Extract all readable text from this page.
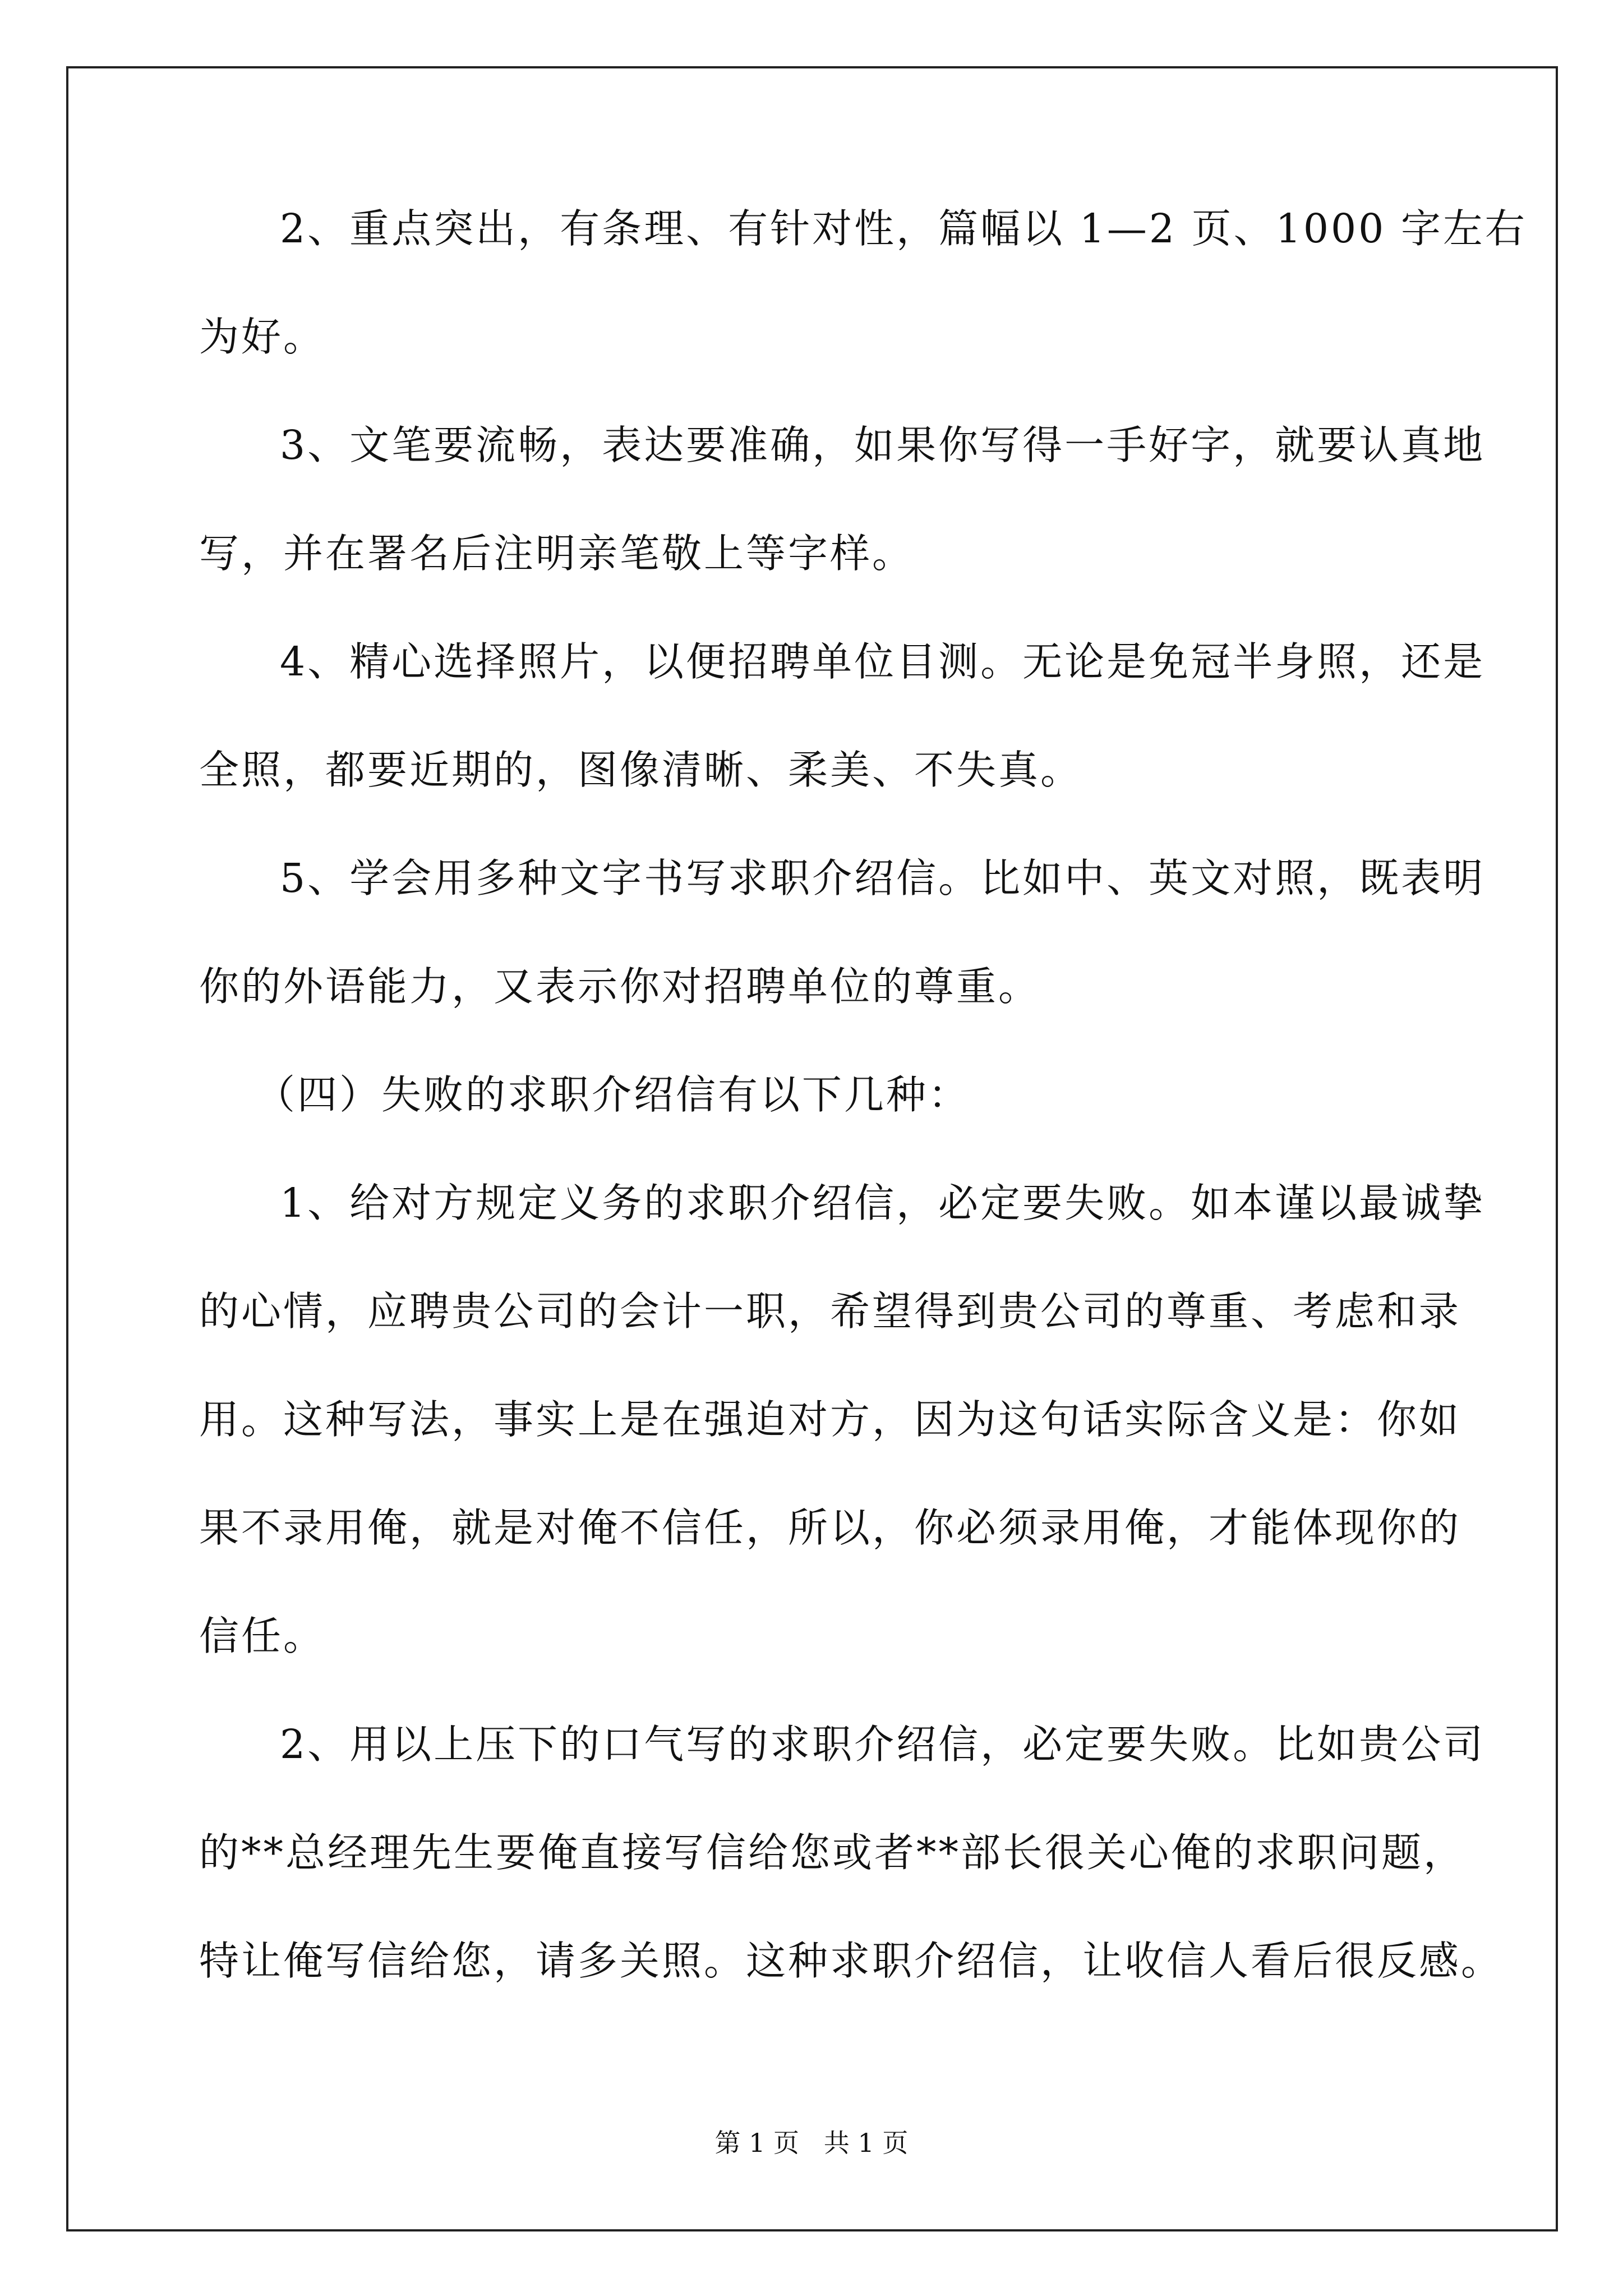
2、重点突出，有条理、有针对性，篇幅以 1—2 页、1000 字左右
为好。
3、文笔要流畅，表达要准确，如果你写得一手好字，就要认真地
写，并在署名后注明亲笔敬上等字样。
4、精心选择照片，以便招聘单位目测。无论是免冠半身照，还是
全照，都要近期的，图像清晰、柔美、不失真。
5、学会用多种文字书写求职介绍信。比如中、英文对照，既表明
你的外语能力，又表示你对招聘单位的尊重。
（四）失败的求职介绍信有以下几种：
1、给对方规定义务的求职介绍信，必定要失败。如本谨以最诚挚
的心情，应聘贵公司的会计一职，希望得到贵公司的尊重、考虑和录
用。这种写法，事实上是在强迫对方，因为这句话实际含义是：你如
果不录用俺，就是对俺不信任，所以，你必须录用俺，才能体现你的
信任。
2、用以上压下的口气写的求职介绍信，必定要失败。比如贵公司
的**总经理先生要俺直接写信给您或者**部长很关心俺的求职问题，
特让俺写信给您，请多关照。这种求职介绍信，让收信人看后很反感。
第 1 页   共 1 页
